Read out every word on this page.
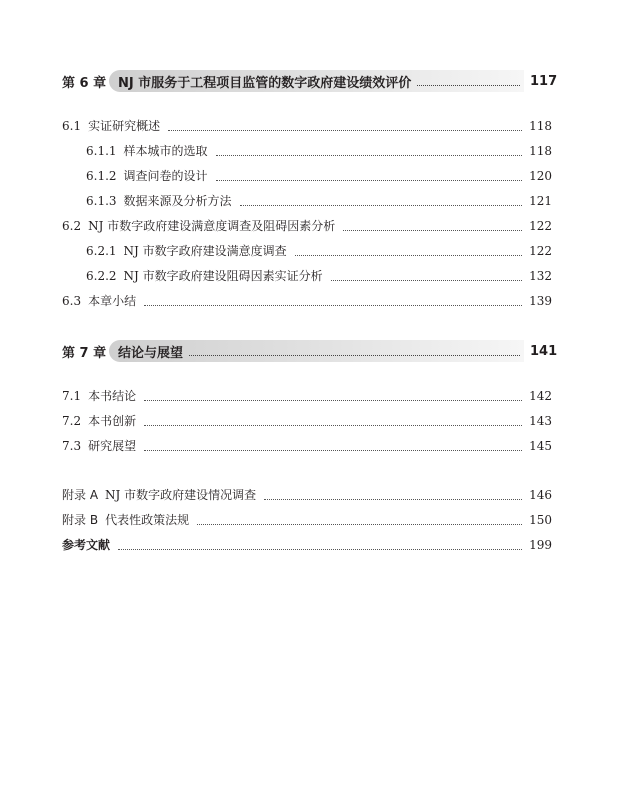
第 6 章 NJ 市服务于工程项目监管的数字政府建设绩效评价	117
6.1 实证研究概述	118
6.1.1 样本城市的选取	118
6.1.2 调查问卷的设计	120
6.1.3 数据来源及分析方法	121
6.2 NJ 市数字政府建设满意度调查及阻碍因素分析	122
6.2.1 NJ 市数字政府建设满意度调查	122
6.2.2 NJ 市数字政府建设阻碍因素实证分析	132
6.3 本章小结	139
第 7 章 结论与展望	141
7.1 本书结论	142
7.2 本书创新	143
7.3 研究展望	145
附录 A NJ 市数字政府建设情况调查	146
附录 B 代表性政策法规	150
参考文献	199
